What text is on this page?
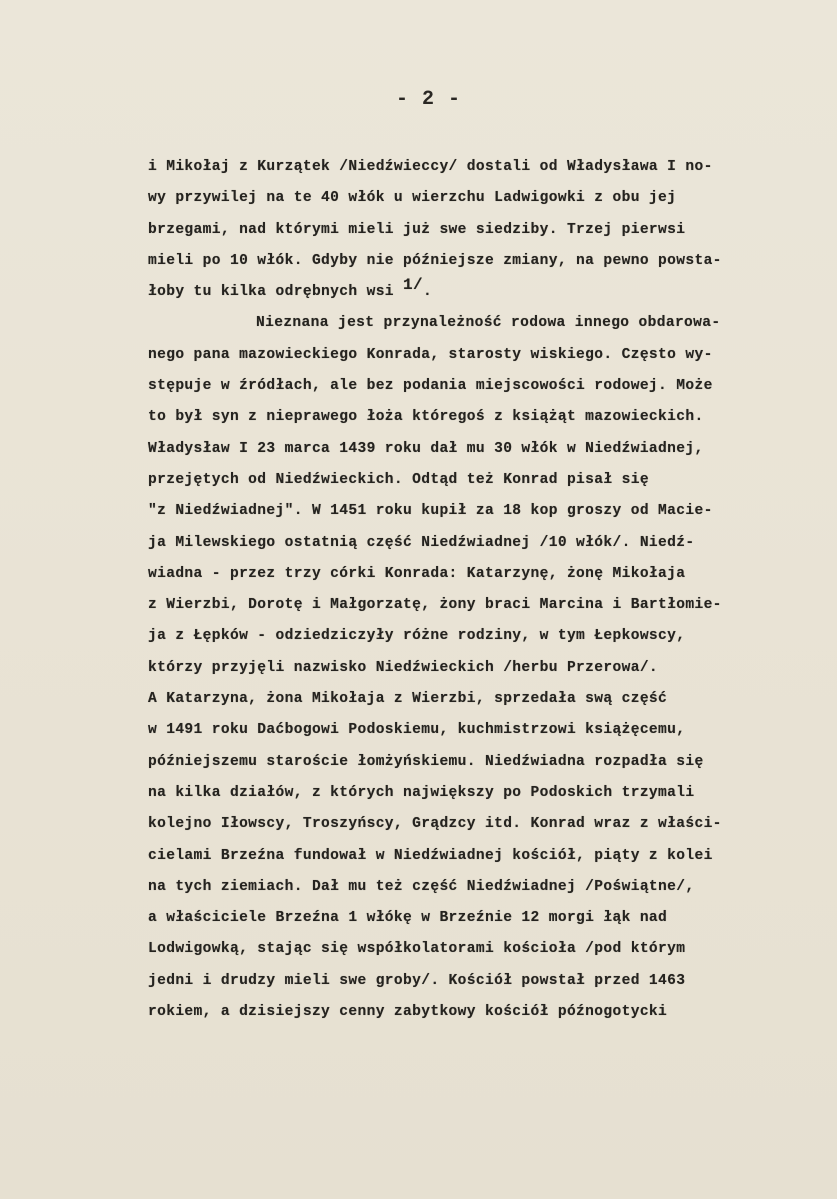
- 2 -
i Mikołaj z Kurzątek /Niedźwieccy/ dostali od Władysława I no-
wy przywilej na te 40 włók u wierzchu Ladwigowki z obu jej
brzegami, nad którymi mieli już swe siedziby. Trzej pierwsi
mieli po 10 włók. Gdyby nie późniejsze zmiany, na pewno powsta-
łoby tu kilka odrębnych wsi $^{1/}$.
Nieznana jest przynależność rodowa innego obdarowa-
nego pana mazowieckiego Konrada, starosty wiskiego. Często wy-
stępuje w źródłach, ale bez podania miejscowości rodowej. Może
to był syn z nieprawego łoża któregoś z książąt mazowieckich.
Władysław I 23 marca 1439 roku dał mu 30 włók w Niedźwiadnej,
przejętych od Niedźwieckich. Odtąd też Konrad pisał się
"z Niedźwiadnej". W 1451 roku kupił za 18 kop groszy od Macie-
ja Milewskiego ostatnią część Niedźwiadnej /10 włók/. Niedź-
wiadna - przez trzy córki Konrada: Katarzynę, żonę Mikołaja
z Wierzbi, Dorotę i Małgorzatę, żony braci Marcina i Bartłomie-
ja z Łępków - odziedziczyły różne rodziny, w tym Łepkowscy,
którzy przyjęli nazwisko Niedźwieckich /herbu Przerowa/.
A Katarzyna, żona Mikołaja z Wierzbi, sprzedała swą część
w 1491 roku Daćbogowi Podoskiemu, kuchmistrzowi książęcemu,
późniejszemu staroście łomżyńskiemu. Niedźwiadna rozpadła się
na kilka działów, z których największy po Podoskich trzymali
kolejno Iłowscy, Troszyńscy, Grądzcy itd. Konrad wraz z właści-
cielami Brzeźna fundował w Niedźwiadnej kościół, piąty z kolei
na tych ziemiach. Dał mu też część Niedźwiadnej /Poświątne/,
a właściciele Brzeźna 1 włókę w Brzeźnie 12 morgi łąk nad
Lodwigowką, stając się współkolatorami kościoła /pod którym
jedni i drudzy mieli swe groby/. Kościół powstał przed 1463
rokiem, a dzisiejszy cenny zabytkowy kościół późnogotycki
